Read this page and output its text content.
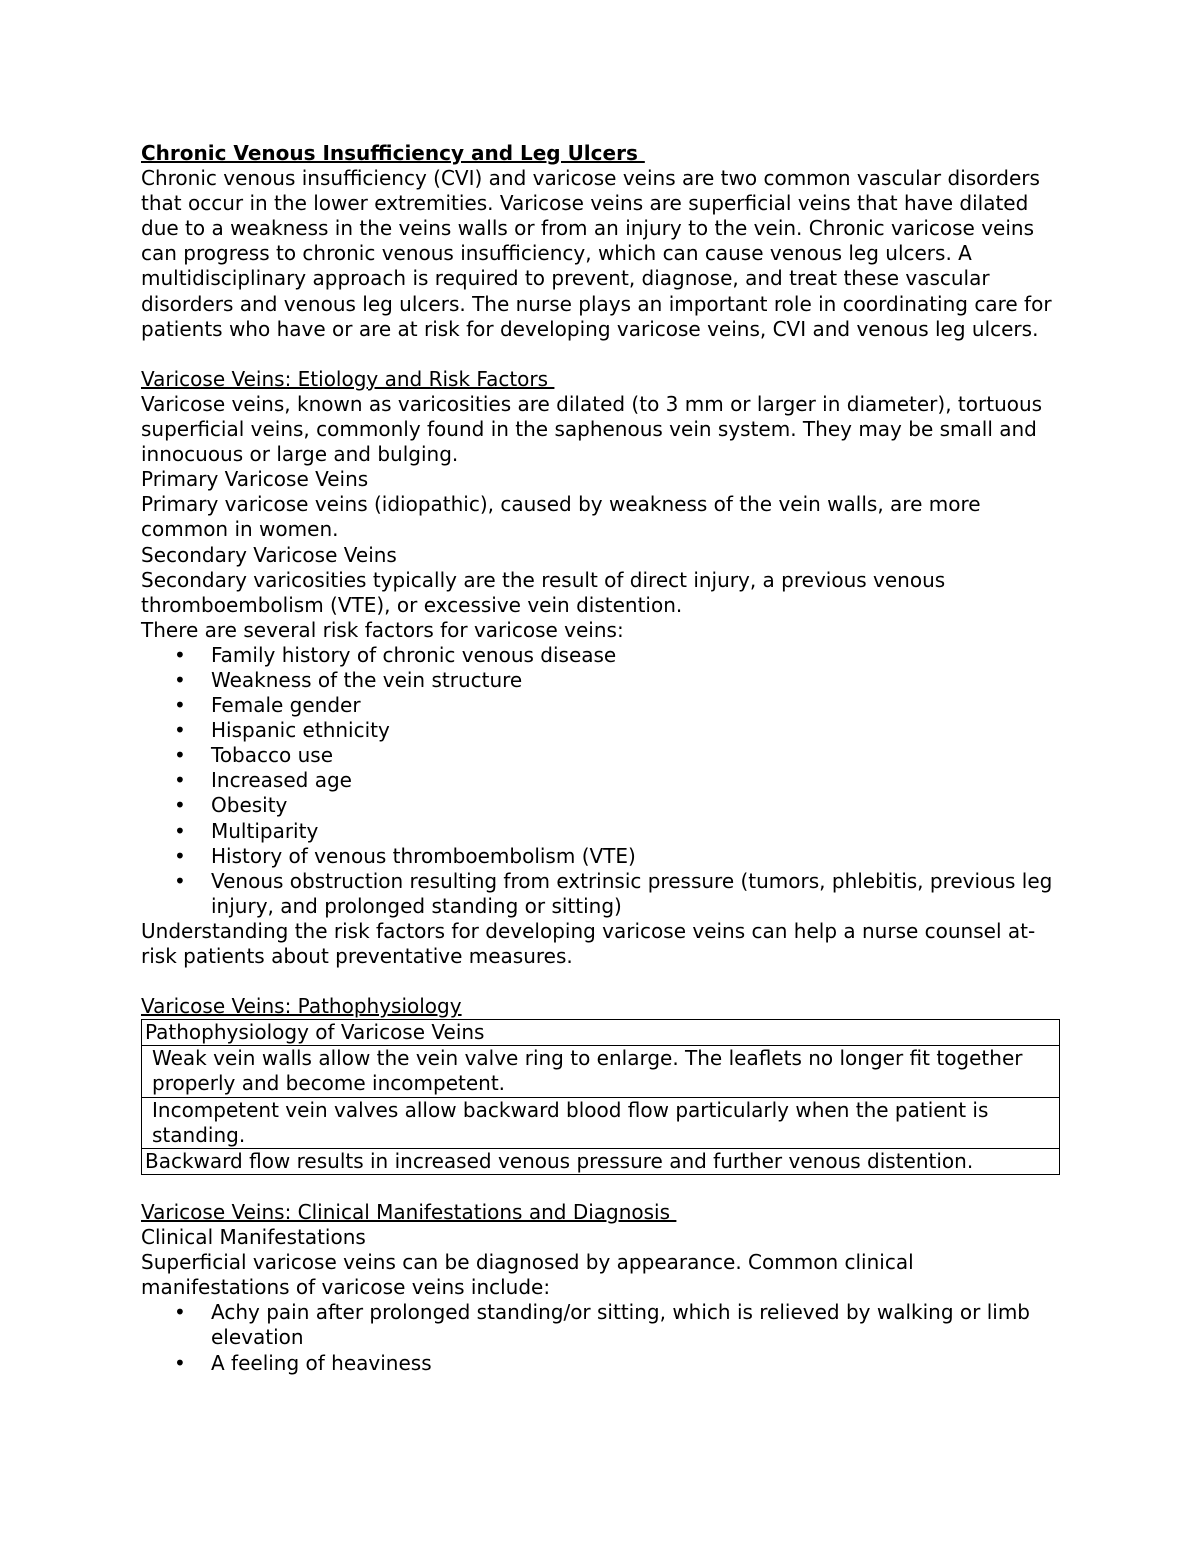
Chronic Venous Insufficiency and Leg Ulcers

Chronic venous insufficiency (CVI) and varicose veins are two common vascular disorders that occur in the lower extremities. Varicose veins are superficial veins that have dilated due to a weakness in the veins walls or from an injury to the vein. Chronic varicose veins can progress to chronic venous insufficiency, which can cause venous leg ulcers. A multidisciplinary approach is required to prevent, diagnose, and treat these vascular disorders and venous leg ulcers. The nurse plays an important role in coordinating care for patients who have or are at risk for developing varicose veins, CVI and venous leg ulcers.

Varicose Veins: Etiology and Risk Factors

Varicose veins, known as varicosities are dilated (to 3 mm or larger in diameter), tortuous superficial veins, commonly found in the saphenous vein system. They may be small and innocuous or large and bulging.

Primary Varicose Veins

Primary varicose veins (idiopathic), caused by weakness of the vein walls, are more common in women.

Secondary Varicose Veins

Secondary varicosities typically are the result of direct injury, a previous venous thromboembolism (VTE), or excessive vein distention.

There are several risk factors for varicose veins:

• Family history of chronic venous disease
• Weakness of the vein structure
• Female gender
• Hispanic ethnicity
• Tobacco use
• Increased age
• Obesity
• Multiparity
• History of venous thromboembolism (VTE)
• Venous obstruction resulting from extrinsic pressure (tumors, phlebitis, previous leg injury, and prolonged standing or sitting)

Understanding the risk factors for developing varicose veins can help a nurse counsel at-risk patients about preventative measures.

Varicose Veins: Pathophysiology

Pathophysiology of Varicose Veins
Weak vein walls allow the vein valve ring to enlarge. The leaflets no longer fit together properly and become incompetent.
Incompetent vein valves allow backward blood flow particularly when the patient is standing.
Backward flow results in increased venous pressure and further venous distention.

Varicose Veins: Clinical Manifestations and Diagnosis

Clinical Manifestations

Superficial varicose veins can be diagnosed by appearance. Common clinical manifestations of varicose veins include:

• Achy pain after prolonged standing/or sitting, which is relieved by walking or limb elevation
• A feeling of heaviness
